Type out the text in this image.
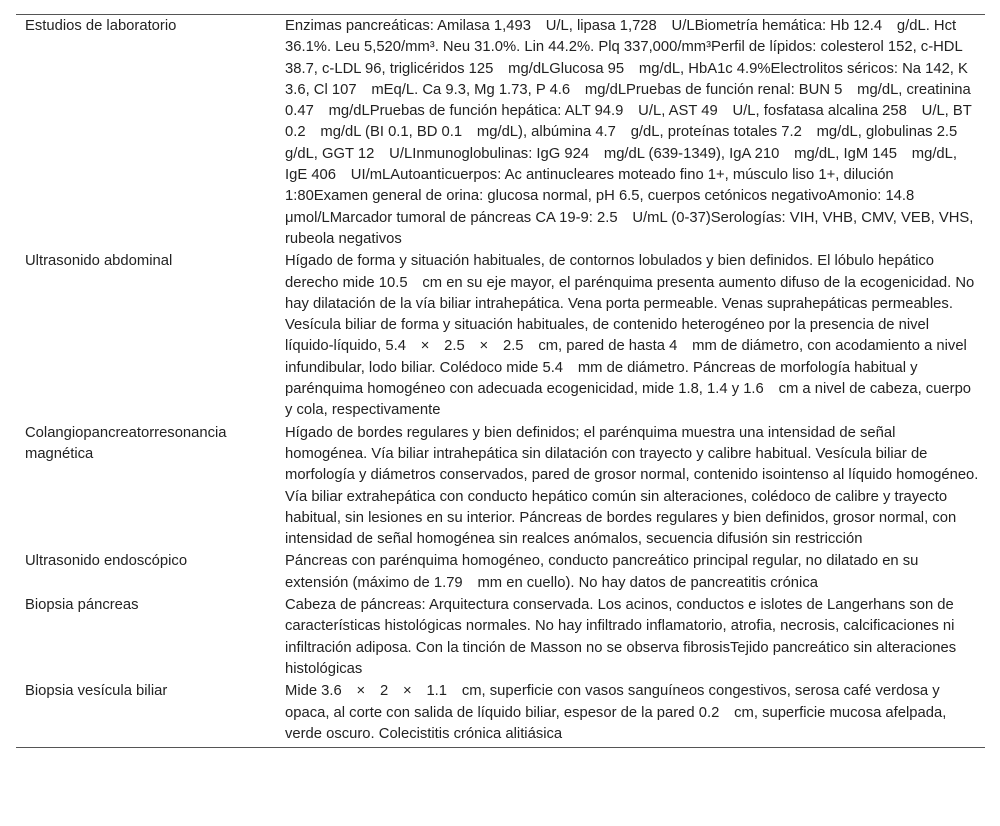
Estudios de laboratorio	Enzimas pancreáticas: Amilasa 1,493    U/L, lipasa 1,728    U/LBiometría hemática: Hb 12.4    g/dL. Hct 36.1%. Leu 5,520/mm³. Neu 31.0%. Lin 44.2%. Plq 337,000/mm³Perfil de lípidos: colesterol 152, c-HDL 38.7, c-LDL 96, triglicéridos 125    mg/dLGlucosa 95    mg/dL, HbA1c 4.9%Electrolitos séricos: Na 142, K 3.6, Cl 107    mEq/L. Ca 9.3, Mg 1.73, P 4.6    mg/dLPruebas de función renal: BUN 5    mg/dL, creatinina 0.47    mg/dLPruebas de función hepática: ALT 94.9    U/L, AST 49    U/L, fosfatasa alcalina 258    U/L, BT 0.2    mg/dL (BI 0.1, BD 0.1    mg/dL), albúmina 4.7    g/dL, proteínas totales 7.2    mg/dL, globulinas 2.5    g/dL, GGT 12    U/LInmunoglobulinas: IgG 924    mg/dL (639-1349), IgA 210    mg/dL, IgM 145    mg/dL, IgE 406    UI/mLAutoanticuerpos: Ac antinucleares moteado fino 1+, músculo liso 1+, dilución 1:80Examen general de orina: glucosa normal, pH 6.5, cuerpos cetónicos negativoAmonio: 14.8    μmol/LMarcador tumoral de páncreas CA 19-9: 2.5    U/mL (0-37)Serologías: VIH, VHB, CMV, VEB, VHS, rubeola negativos
Ultrasonido abdominal	Hígado de forma y situación habituales, de contornos lobulados y bien definidos. El lóbulo hepático derecho mide 10.5    cm en su eje mayor, el parénquima presenta aumento difuso de la ecogenicidad. No hay dilatación de la vía biliar intrahepática. Vena porta permeable. Venas suprahepáticas permeables. Vesícula biliar de forma y situación habituales, de contenido heterogéneo por la presencia de nivel líquido-líquido, 5.4    ×    2.5    ×    2.5    cm, pared de hasta 4    mm de diámetro, con acodamiento a nivel infundibular, lodo biliar. Colédoco mide 5.4    mm de diámetro. Páncreas de morfología habitual y parénquima homogéneo con adecuada ecogenicidad, mide 1.8, 1.4 y 1.6    cm a nivel de cabeza, cuerpo y cola, respectivamente
Colangiopancreatorresonancia magnética	Hígado de bordes regulares y bien definidos; el parénquima muestra una intensidad de señal homogénea. Vía biliar intrahepática sin dilatación con trayecto y calibre habitual. Vesícula biliar de morfología y diámetros conservados, pared de grosor normal, contenido isointenso al líquido homogéneo. Vía biliar extrahepática con conducto hepático común sin alteraciones, colédoco de calibre y trayecto habitual, sin lesiones en su interior. Páncreas de bordes regulares y bien definidos, grosor normal, con intensidad de señal homogénea sin realces anómalos, secuencia difusión sin restricción
Ultrasonido endoscópico	Páncreas con parénquima homogéneo, conducto pancreático principal regular, no dilatado en su extensión (máximo de 1.79    mm en cuello). No hay datos de pancreatitis crónica
Biopsia páncreas	Cabeza de páncreas: Arquitectura conservada. Los acinos, conductos e islotes de Langerhans son de características histológicas normales. No hay infiltrado inflamatorio, atrofia, necrosis, calcificaciones ni infiltración adiposa. Con la tinción de Masson no se observa fibrosisTejido pancreático sin alteraciones histológicas
Biopsia vesícula biliar	Mide 3.6    ×    2    ×    1.1    cm, superficie con vasos sanguíneos congestivos, serosa café verdosa y opaca, al corte con salida de líquido biliar, espesor de la pared 0.2    cm, superficie mucosa afelpada, verde oscuro. Colecistitis crónica alitiásica
